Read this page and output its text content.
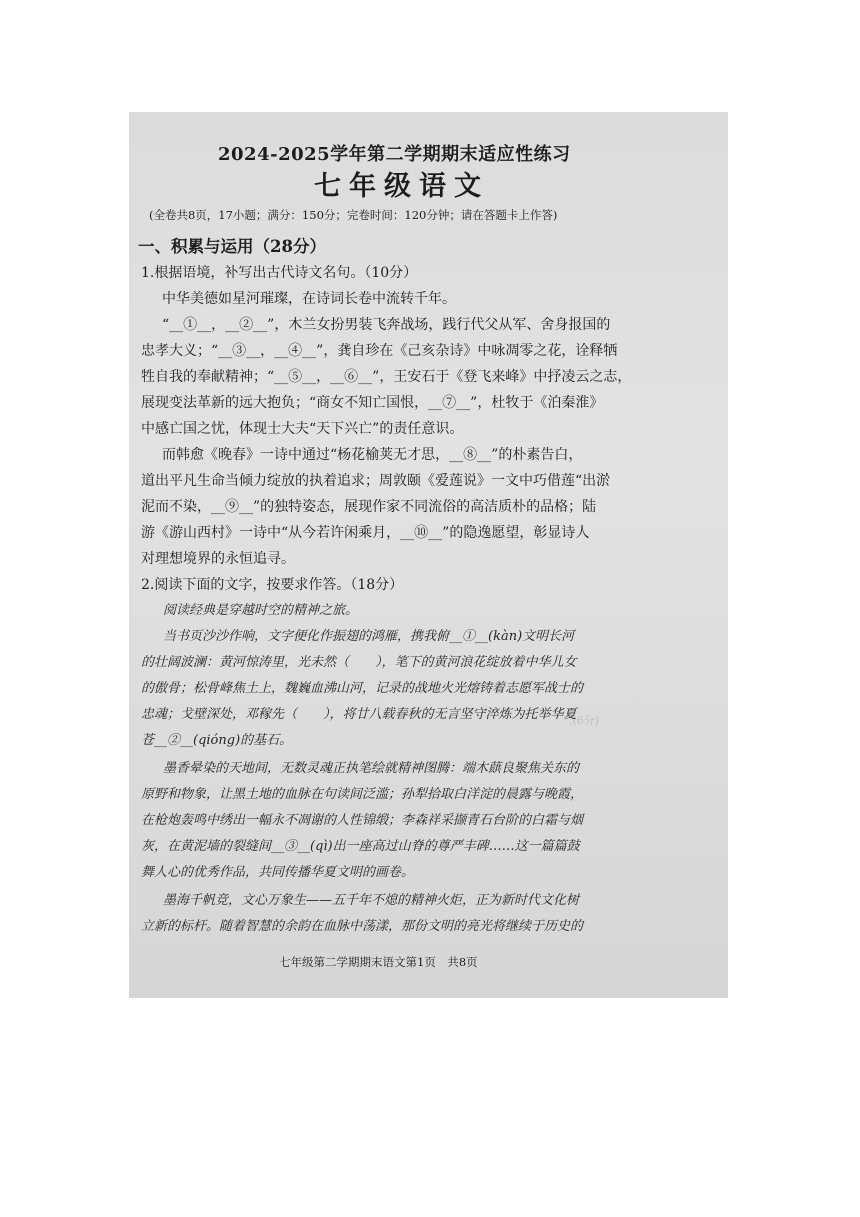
,(6分)
2024-2025学年第二学期期末适应性练习
七年级语文
(全卷共8页，17小题；满分：150分；完卷时间：120分钟；请在答题卡上作答)
一、积累与运用（28分）
1.根据语境，补写出古代诗文名句。（10分）
中华美德如星河璀璨，在诗词长卷中流转千年。
“__①__，__②__”，木兰女扮男装飞奔战场，践行代父从军、舍身报国的
忠孝大义；“__③__，__④__”，龚自珍在《己亥杂诗》中咏凋零之花，诠释牺
牲自我的奉献精神；“__⑤__，__⑥__”，王安石于《登飞来峰》中抒凌云之志，
展现变法革新的远大抱负；“商女不知亡国恨，__⑦__”，杜牧于《泊秦淮》
中感亡国之忧，体现士大夫“天下兴亡”的责任意识。
而韩愈《晚春》一诗中通过“杨花榆荚无才思，__⑧__”的朴素告白，
道出平凡生命当倾力绽放的执着追求；周敦颐《爱莲说》一文中巧借莲“出淤
泥而不染，__⑨__”的独特姿态，展现作家不同流俗的高洁质朴的品格；陆
游《游山西村》一诗中“从今若许闲乘月，__⑩__”的隐逸愿望，彰显诗人
对理想境界的永恒追寻。
2.阅读下面的文字，按要求作答。（18分）
阅读经典是穿越时空的精神之旅。
当书页沙沙作响，文字便化作振翅的鸿雁，携我俯__①__(kàn)文明长河
的壮阔波澜：黄河惊涛里，光未然（　　），笔下的黄河浪花绽放着中华儿女
的傲骨；松骨峰焦土上，魏巍血沸山河，记录的战地火光熔铸着志愿军战士的
忠魂；戈壁深处，邓稼先（　　），将廿八载春秋的无言坚守淬炼为托举华夏
苍__②__(qióng)的基石。
墨香晕染的天地间，无数灵魂正执笔绘就精神图腾：端木蕻良聚焦关东的
原野和物象，让黑土地的血脉在句读间泛滥；孙犁拾取白洋淀的晨露与晚霞，
在枪炮轰鸣中绣出一幅永不凋谢的人性锦缎；李森祥采撷青石台阶的白霜与烟
灰，在黄泥墙的裂缝间__③__(qì)出一座高过山脊的尊严丰碑……这一篇篇鼓
舞人心的优秀作品，共同传播华夏文明的画卷。
墨海千帆竞，文心万象生——五千年不熄的精神火炬，正为新时代文化树
立新的标杆。随着智慧的余韵在血脉中荡漾，那份文明的亮光将继续于历史的
七年级第二学期期末语文第1页　共8页
